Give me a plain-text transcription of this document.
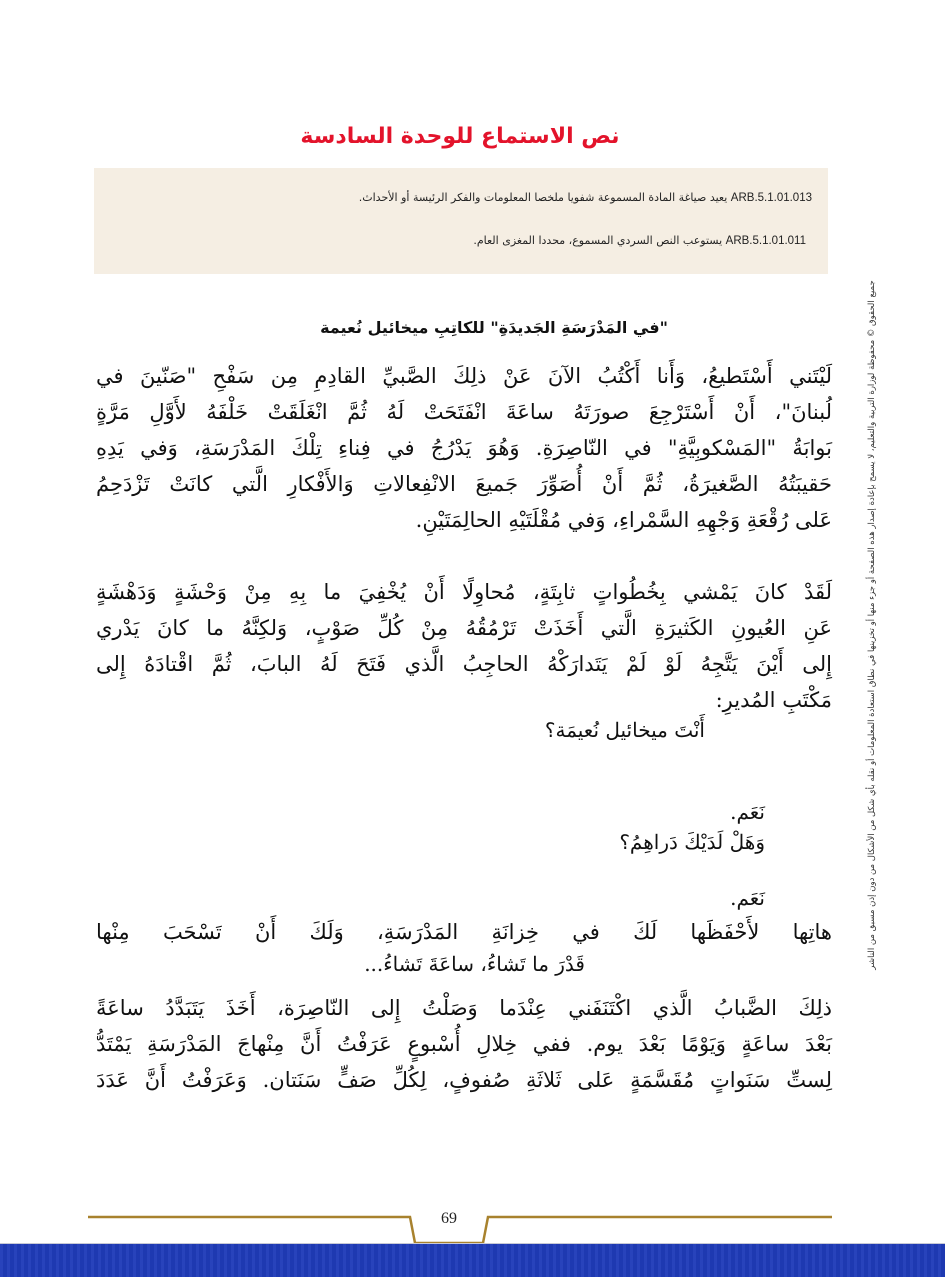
نص الاستماع للوحدة السادسة
ARB.5.1.01.013 يعيد صياغة المادة المسموعة شفويا ملخصا المعلومات والفكر الرئيسة أو الأحداث.
ARB.5.1.01.011 يستوعب النص السردي المسموع، محددا المغزى العام.
"في المَدْرَسَةِ الجَديدَةِ" للكاتِبِ ميخائيل نُعيمة
لَيْتَني أَسْتَطيعُ، وَأَنا أَكْتُبُ الآنَ عَنْ ذلِكَ الصَّبيِّ القادِمِ مِن سَفْحِ "صَنّينَ في
لُبنانَ"، أَنْ أَسْتَرْجِعَ صورَتَهُ ساعَةَ انْفَتَحَتْ لَهُ ثُمَّ انْغَلَقَتْ خَلْفَهُ لأَوَّلِ مَرَّةٍ
بَوابَةُ "المَسْكوبِيَّةِ" في النّاصِرَةِ. وَهُوَ يَدْرُجُ في فِناءِ تِلْكَ المَدْرَسَةِ، وَفي يَدِهِ
حَقيبَتُهُ الصَّغيرَةُ، ثُمَّ أَنْ أُصَوِّرَ جَميعَ الانْفِعالاتِ وَالأَفْكارِ الَّتي كانَتْ تَزْدَحِمُ
عَلى رُقْعَةِ وَجْهِهِ السَّمْراءِ، وَفي مُقْلَتَيْهِ الحالِمَتَيْنِ.
لَقَدْ كانَ يَمْشي بِخُطُواتٍ ثابِتَةٍ، مُحاوِلًا أَنْ يُخْفِيَ ما بِهِ مِنْ وَحْشَةٍ وَدَهْشَةٍ
عَنِ العُيونِ الكَثيرَةِ الَّتي أَخَذَتْ تَرْمُقُهُ مِنْ كُلِّ صَوْبٍ، وَلكِنَّهُ ما كانَ يَدْري
إِلى أَيْنَ يَتَّجِهُ لَوْ لَمْ يَتَدارَكْهُ الحاجِبُ الَّذي فَتَحَ لَهُ البابَ، ثُمَّ اقْتادَهُ إِلى
مَكْتَبِ المُديرِ:
أَنْتَ ميخائيل نُعيمَة؟
نَعَم.
وَهَلْ لَدَيْكَ دَراهِمُ؟
نَعَم.
هاتِها لأَحْفَظَها لَكَ في خِزانَةِ المَدْرَسَةِ، وَلَكَ أَنْ تَسْحَبَ مِنْها
قَدْرَ ما تَشاءُ، ساعَةَ تَشاءُ...
ذلِكَ الضَّبابُ الَّذي اكْتَنَفَني عِنْدَما وَصَلْتُ إِلى النّاصِرَة، أَخَذَ يَتَبَدَّدُ ساعَةً
بَعْدَ ساعَةٍ وَيَوْمًا بَعْدَ يوم. ففي خِلالِ أُسْبوعٍ عَرَفْتُ أَنَّ مِنْهاجَ المَدْرَسَةِ يَمْتَدُّ
لِستِّ سَنَواتٍ مُقَسَّمَةٍ عَلى ثَلاثَةِ صُفوفٍ، لِكُلِّ صَفٍّ سَنَتان. وَعَرَفْتُ أَنَّ عَدَدَ
جميع الحقوق © محفوظة لوزارة التربية والتعليم، لا يسمح بإعادة إصدار هذه الصفحة أو جزء منها أو تخزينها في نطاق استعادة المعلومات أو نقله بأي شكل من الأشكال من دون إذن مسبق من الناشر
69
